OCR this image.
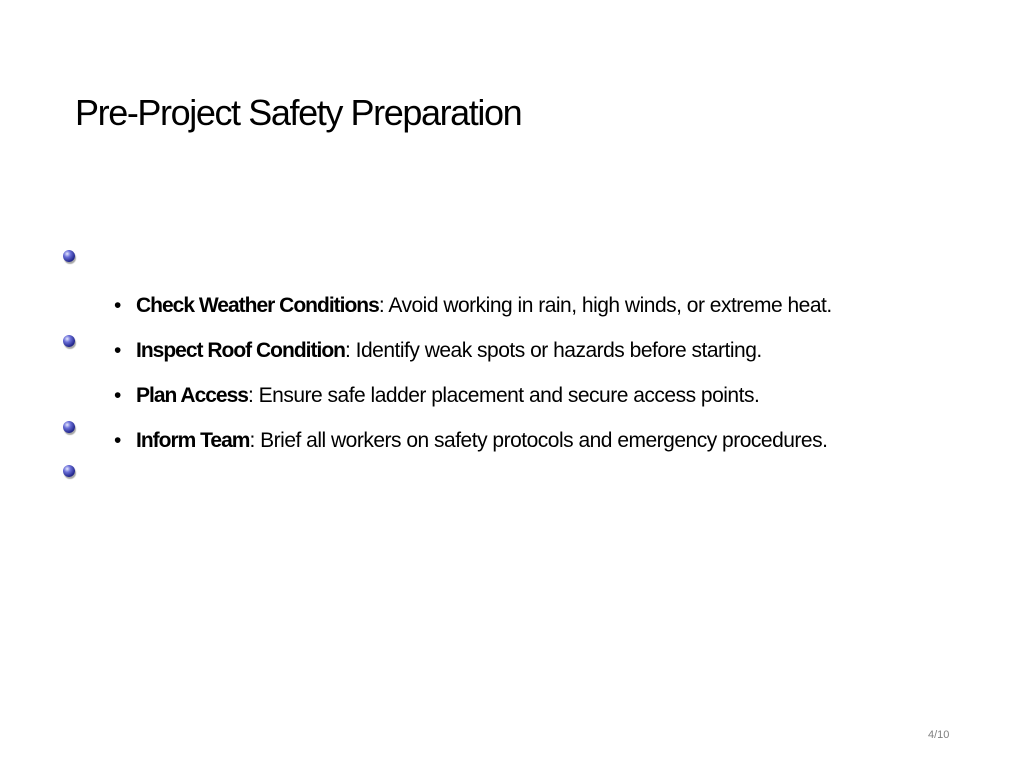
Pre-Project Safety Preparation
• Check Weather Conditions: Avoid working in rain, high winds, or extreme heat.
• Inspect Roof Condition: Identify weak spots or hazards before starting.
• Plan Access: Ensure safe ladder placement and secure access points.
• Inform Team: Brief all workers on safety protocols and emergency procedures.
4/10
